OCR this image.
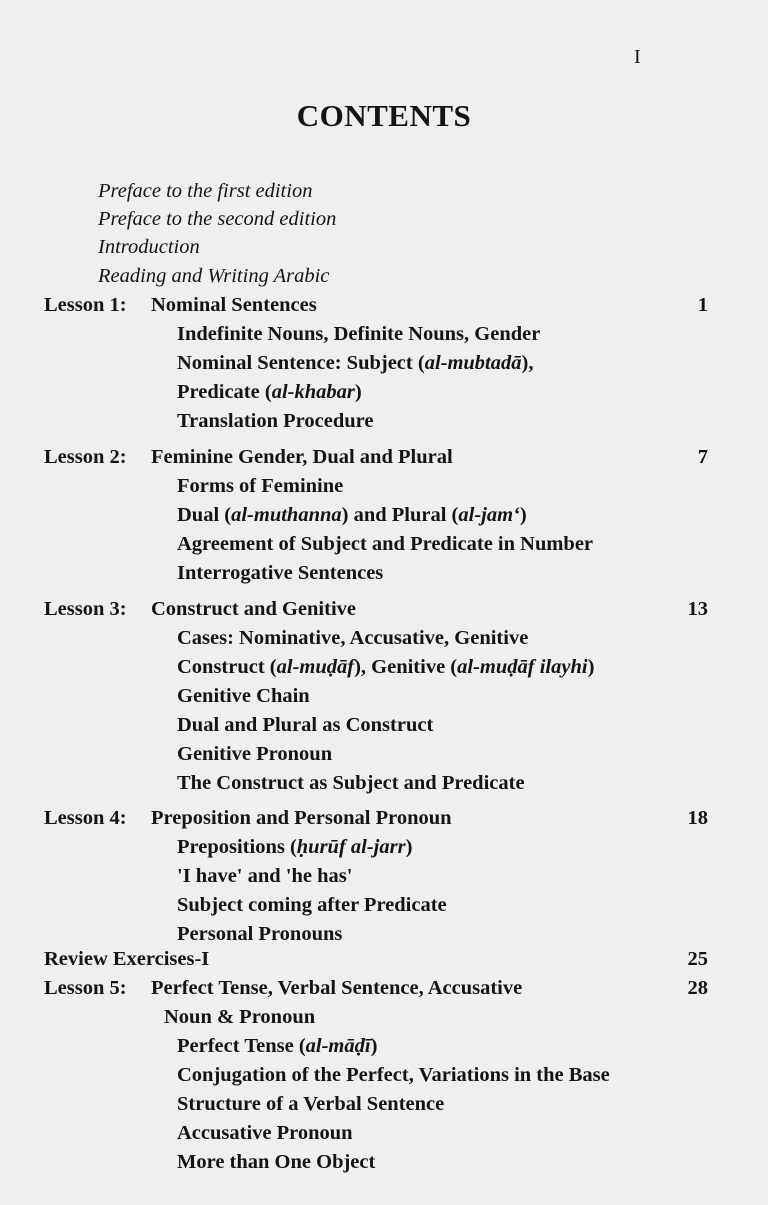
I
CONTENTS
Preface to the first edition
Preface to the second edition
Introduction
Reading and Writing Arabic
Lesson 1: Nominal Sentences	1
Indefinite Nouns, Definite Nouns, Gender
Nominal Sentence: Subject (al-mubtadā),
Predicate (al-khabar)
Translation Procedure
Lesson 2: Feminine Gender, Dual and Plural	7
Forms of Feminine
Dual (al-muthanna) and Plural (al-jam‘)
Agreement of Subject and Predicate in Number
Interrogative Sentences
Lesson 3: Construct and Genitive	13
Cases: Nominative, Accusative, Genitive
Construct (al-muḍāf), Genitive (al-muḍāf ilayhi)
Genitive Chain
Dual and Plural as Construct
Genitive Pronoun
The Construct as Subject and Predicate
Lesson 4: Preposition and Personal Pronoun	18
Prepositions (ḥurūf al-jarr)
'I have' and 'he has'
Subject coming after Predicate
Personal Pronouns
Review Exercises-I	25
Lesson 5: Perfect Tense, Verbal Sentence, Accusative	28
Noun & Pronoun
Perfect Tense (al-māḍī)
Conjugation of the Perfect, Variations in the Base
Structure of a Verbal Sentence
Accusative Pronoun
More than One Object
